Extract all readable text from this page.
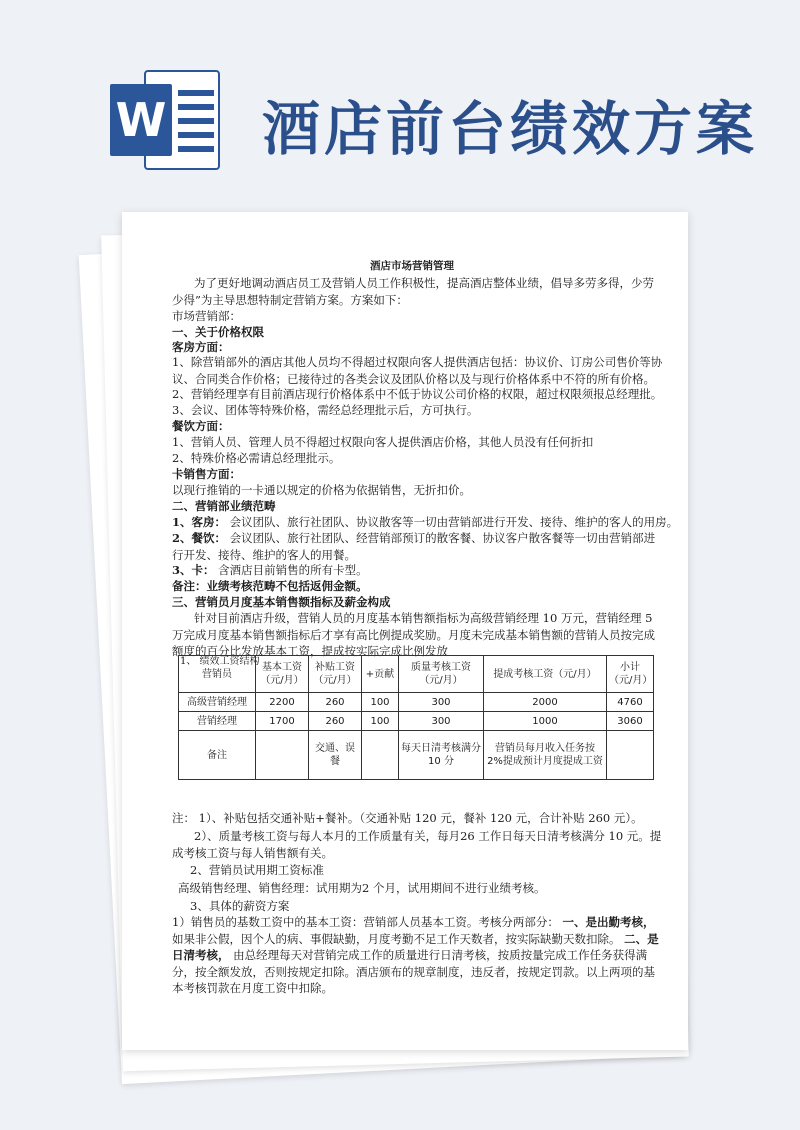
W 酒店前台绩效方案
酒店市场营销管理
为了更好地调动酒店员工及营销人员工作积极性，提高酒店整体业绩，倡导多劳多得，少劳少得”为主导思想特制定营销方案。方案如下：
市场营销部：
一、关于价格权限
客房方面：
1、除营销部外的酒店其他人员均不得超过权限向客人提供酒店包括：协议价、订房公司售价等协议、合同类合作价格；已接待过的各类会议及团队价格以及与现行价格体系中不符的所有价格。
2、营销经理享有目前酒店现行价格体系中不低于协议公司价格的权限，超过权限须报总经理批。
3、会议、团体等特殊价格，需经总经理批示后，方可执行。
餐饮方面：
1、营销人员、管理人员不得超过权限向客人提供酒店价格，其他人员没有任何折扣
2、特殊价格必需请总经理批示。
卡销售方面：
以现行推销的一卡通以规定的价格为依据销售，无折扣价。
二、营销部业绩范畴
1、客房： 会议团队、旅行社团队、协议散客等一切由营销部进行开发、接待、维护的客人的用房。
2、餐饮： 会议团队、旅行社团队、经营销部预订的散客餐、协议客户散客餐等一切由营销部进行开发、接待、维护的客人的用餐。
3、卡： 含酒店目前销售的所有卡型。
备注：业绩考核范畴不包括返佣金额。
三、营销员月度基本销售额指标及薪金构成
针对目前酒店升级，营销人员的月度基本销售额指标为高级营销经理 10 万元，营销经理 5 万完成月度基本销售额指标后才享有高比例提成奖励。月度未完成基本销售额的营销人员按完成额度的百分比发放基本工资，提成按实际完成比例发放
1、 绩效工资结构
注： 1）、补贴包括交通补贴+餐补。（交通补贴 120 元，餐补 120 元，合计补贴 260 元）。
2）、质量考核工资与每人本月的工作质量有关，每月26 工作日每天日清考核满分 10 元。提成考核工资与每人销售额有关。
2、营销员试用期工资标准
高级销售经理、销售经理：试用期为2 个月，试用期间不进行业绩考核。
3、具体的薪资方案
1）销售员的基数工资中的基本工资：营销部人员基本工资。考核分两部分： 一、是出勤考核， 如果非公假，因个人的病、事假缺勤，月度考勤不足工作天数者，按实际缺勤天数扣除。 二、是日清考核， 由总经理每天对营销完成工作的质量进行日清考核，按质按量完成工作任务获得满分，按全额发放，否则按规定扣除。酒店颁布的规章制度，违反者，按规定罚款。以上两项的基本考核罚款在月度工资中扣除。
营销员	基本工资（元/月）	补贴工资（元/月）	+贡献	质量考核工资（元/月）	提成考核工资（元/月）	小计（元/月）
高级营销经理	2200	260	100	300	2000	4760
营销经理	1700	260	100	300	1000	3060
备注		交通、误餐		每天日清考核满分 10 分	营销员每月收入任务按 2%提成预计月度提成工资	
